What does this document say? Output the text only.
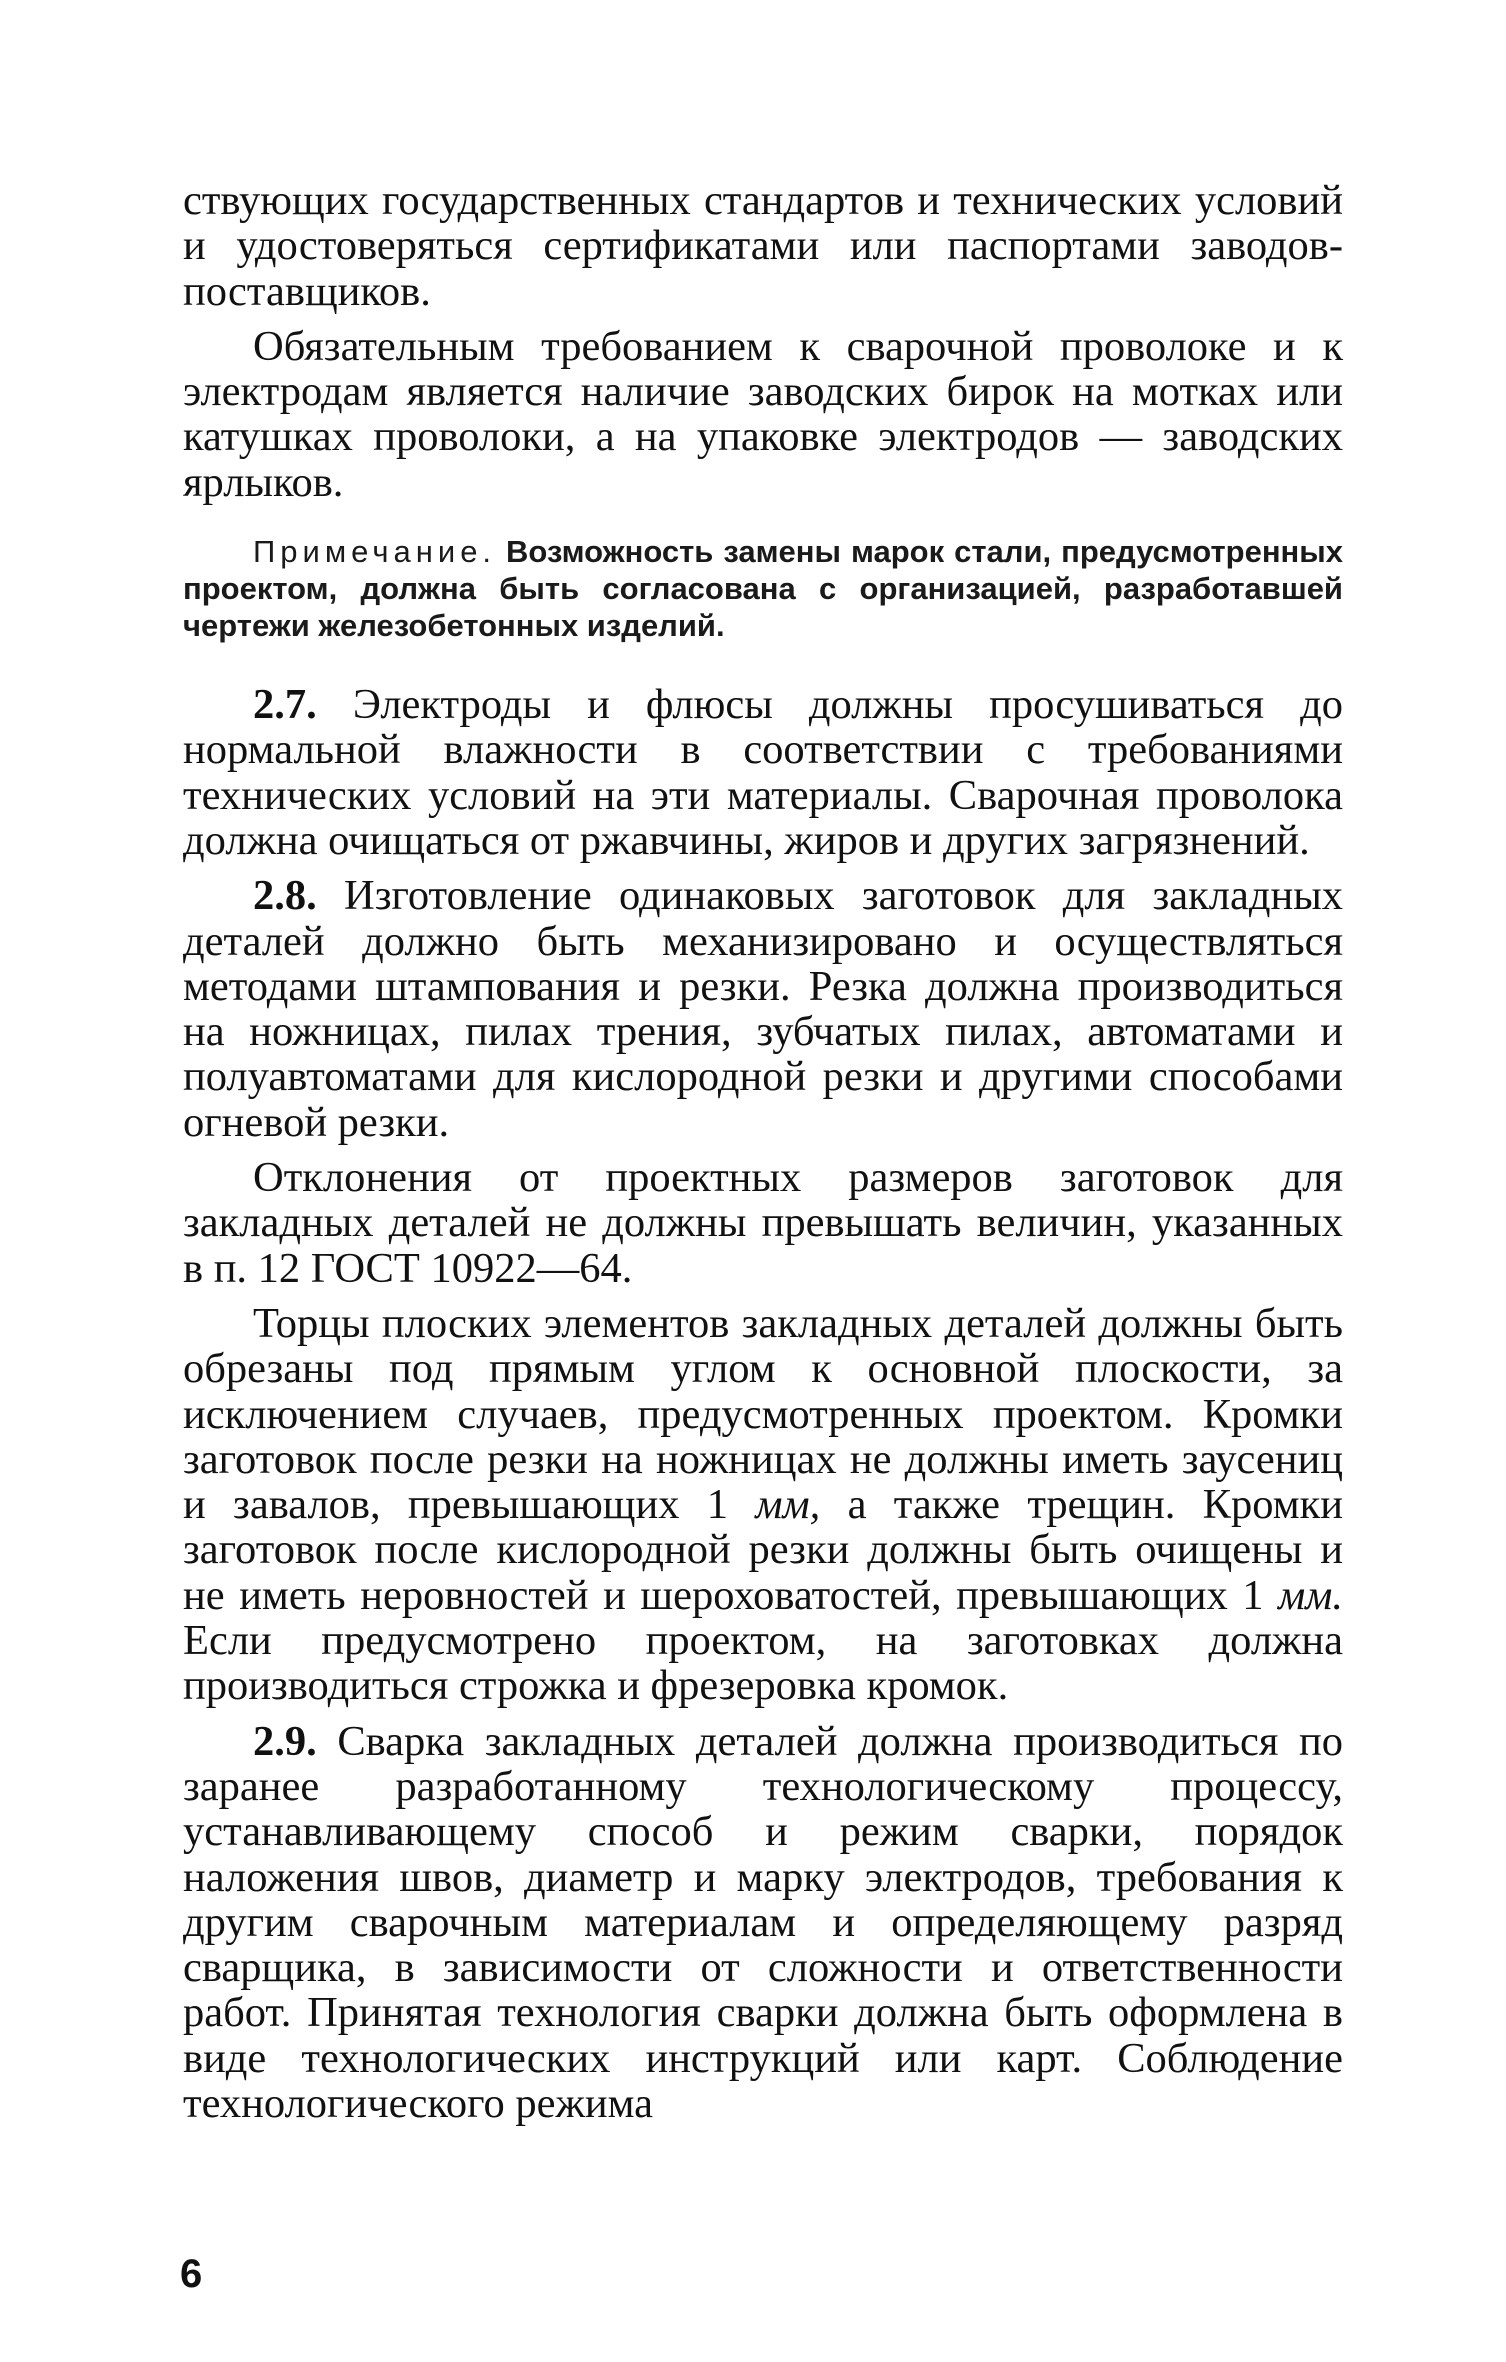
ствующих государственных стандартов и технических условий и удостоверяться сертификатами или паспортами заводов-поставщиков.

Обязательным требованием к сварочной проволоке и к электродам является наличие заводских бирок на мотках или катушках проволоки, а на упаковке электродов — заводских ярлыков.

Примечание. Возможность замены марок стали, предусмотренных проектом, должна быть согласована с организацией, разработавшей чертежи железобетонных изделий.

2.7. Электроды и флюсы должны просушиваться до нормальной влажности в соответствии с требованиями технических условий на эти материалы. Сварочная проволока должна очищаться от ржавчины, жиров и других загрязнений.

2.8. Изготовление одинаковых заготовок для закладных деталей должно быть механизировано и осуществляться методами штампования и резки. Резка должна производиться на ножницах, пилах трения, зубчатых пилах, автоматами и полуавтоматами для кислородной резки и другими способами огневой резки.

Отклонения от проектных размеров заготовок для закладных деталей не должны превышать величин, указанных в п. 12 ГОСТ 10922—64.

Торцы плоских элементов закладных деталей должны быть обрезаны под прямым углом к основной плоскости, за исключением случаев, предусмотренных проектом. Кромки заготовок после резки на ножницах не должны иметь заусениц и завалов, превышающих 1 мм, а также трещин. Кромки заготовок после кислородной резки должны быть очищены и не иметь неровностей и шероховатостей, превышающих 1 мм. Если предусмотрено проектом, на заготовках должна производиться строжка и фрезеровка кромок.

2.9. Сварка закладных деталей должна производиться по заранее разработанному технологическому процессу, устанавливающему способ и режим сварки, порядок наложения швов, диаметр и марку электродов, требования к другим сварочным материалам и определяющему разряд сварщика, в зависимости от сложности и ответственности работ. Принятая технология сварки должна быть оформлена в виде технологических инструкций или карт. Соблюдение технологического режима

6
